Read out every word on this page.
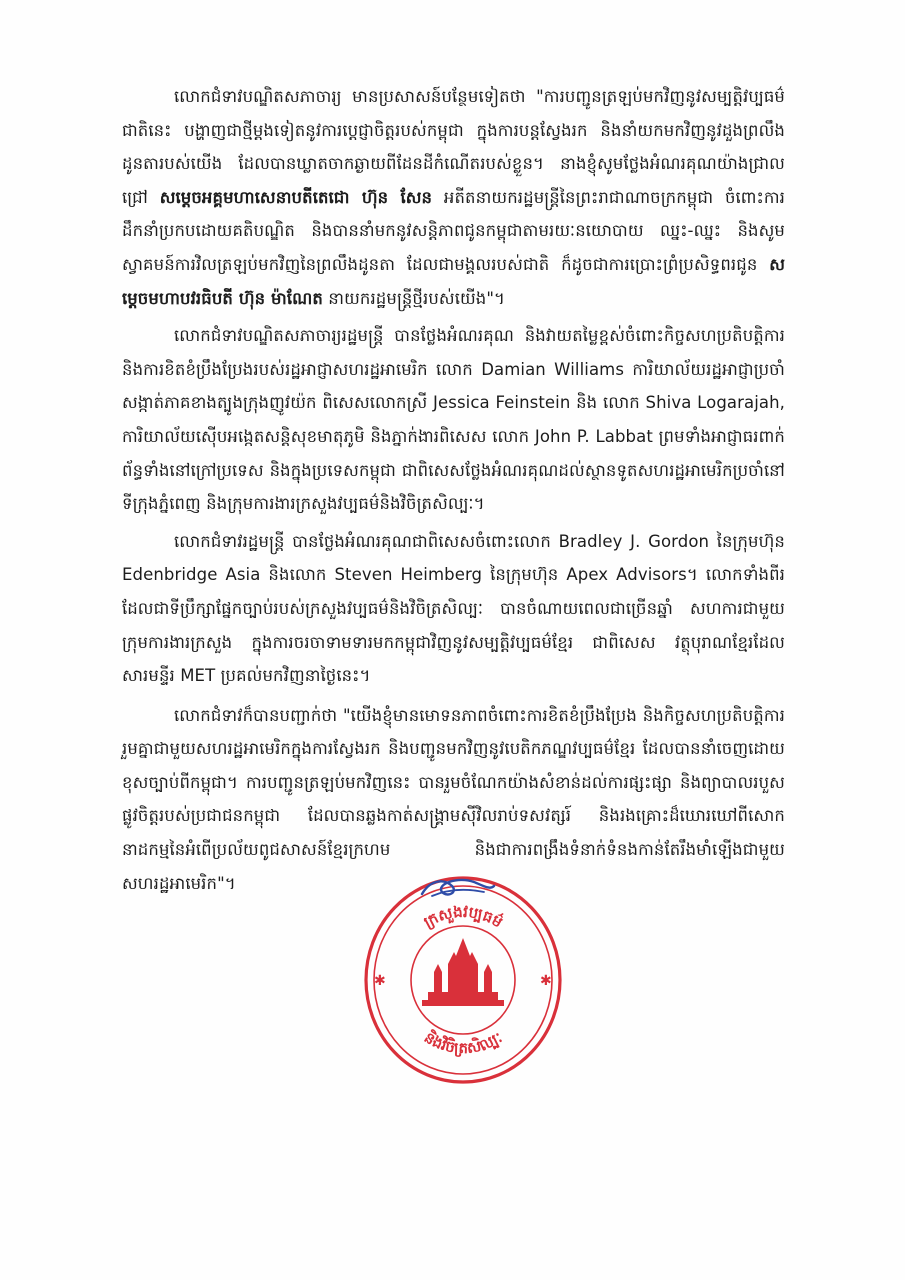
លោកជំទាវបណ្ឌិតសភាចារ្យ មានប្រសាសន៍បន្ថែមទៀតថា "ការបញ្ជូនត្រឡប់មកវិញនូវសម្បត្តិវប្បធម៌ជាតិនេះ បង្ហាញជាថ្មីម្តងទៀតនូវការប្តេជ្ញាចិត្តរបស់កម្ពុជា ក្នុងការបន្តស្វែងរក និងនាំយកមកវិញនូវដួងព្រលឹងដូនតារបស់យើង ដែលបានឃ្លាតចាកឆ្ងាយពីដែនដីកំណើតរបស់ខ្លួន។ នាងខ្ញុំសូមថ្លែងអំណរគុណយ៉ាងជ្រាលជ្រៅ សម្តេចអគ្គមហាសេនាបតីតេជោ ហ៊ុន សែន អតីតនាយករដ្ឋមន្ត្រីនៃព្រះរាជាណាចក្រកម្ពុជា ចំពោះការដឹកនាំប្រកបដោយគតិបណ្ឌិត និងបាននាំមកនូវសន្តិភាពជូនកម្ពុជាតាមរយៈនយោបាយ ឈ្នះ-ឈ្នះ និងសូមស្វាគមន៍ការវិលត្រឡប់មកវិញនៃព្រលឹងដូនតា ដែលជាមង្គលរបស់ជាតិ ក៏ដូចជាការប្រោះព្រំប្រសិទ្ធពរជូន សម្តេចមហាបវរធិបតី ហ៊ុន ម៉ាណែត នាយករដ្ឋមន្ត្រីថ្មីរបស់យើង"។

លោកជំទាវបណ្ឌិតសភាចារ្យរដ្ឋមន្ត្រី បានថ្លែងអំណរគុណ និងវាយតម្លៃខ្ពស់ចំពោះកិច្ចសហប្រតិបត្តិការ និងការខិតខំប្រឹងប្រែងរបស់រដ្ឋអាជ្ញាសហរដ្ឋអាមេរិក លោក Damian Williams ការិយាល័យរដ្ឋអាជ្ញាប្រចាំសង្កាត់ភាគខាងត្បូងក្រុងញូវយ៉ក ពិសេសលោកស្រី Jessica Feinstein និង លោក Shiva Logarajah, ការិយាល័យស៊ើបអង្កេតសន្តិសុខមាតុភូមិ និងភ្នាក់ងារពិសេស លោក John P. Labbat ព្រមទាំងអាជ្ញាធរពាក់ព័ន្ធទាំងនៅក្រៅប្រទេស និងក្នុងប្រទេសកម្ពុជា ជាពិសេសថ្លែងអំណរគុណដល់ស្ថានទូតសហរដ្ឋអាមេរិកប្រចាំនៅទីក្រុងភ្នំពេញ និងក្រុមការងារក្រសួងវប្បធម៌និងវិចិត្រសិល្បៈ។

លោកជំទាវរដ្ឋមន្ត្រី បានថ្លែងអំណរគុណជាពិសេសចំពោះលោក Bradley J. Gordon នៃក្រុមហ៊ុន Edenbridge Asia និងលោក Steven Heimberg នៃក្រុមហ៊ុន Apex Advisors។ លោកទាំងពីរ ដែលជាទីប្រឹក្សាផ្នែកច្បាប់របស់ក្រសួងវប្បធម៌និងវិចិត្រសិល្បៈ បានចំណាយពេលជាច្រើនឆ្នាំ សហការជាមួយក្រុមការងារក្រសួង ក្នុងការចរចាទាមទារមកកម្ពុជាវិញនូវសម្បត្តិវប្បធម៌ខ្មែរ ជាពិសេស វត្ថុបុរាណខ្មែរដែលសារមន្ទីរ MET ប្រគល់មកវិញនាថ្ងៃនេះ។

លោកជំទាវក៏បានបញ្ជាក់ថា "យើងខ្ញុំមានមោទនភាពចំពោះការខិតខំប្រឹងប្រែង និងកិច្ចសហប្រតិបត្តិការរួមគ្នាជាមួយសហរដ្ឋអាមេរិកក្នុងការស្វែងរក និងបញ្ជូនមកវិញនូវបេតិកភណ្ឌវប្បធម៌ខ្មែរ ដែលបាននាំចេញដោយខុសច្បាប់ពីកម្ពុជា។ ការបញ្ជូនត្រឡប់មកវិញនេះ បានរួមចំណែកយ៉ាងសំខាន់ដល់ការផ្សះផ្សា និងព្យាបាលរបួសផ្លូវចិត្តរបស់ប្រជាជនកម្ពុជា ដែលបានឆ្លងកាត់សង្គ្រាមស៊ីវិលរាប់ទសវត្សរ៍ និងរងគ្រោះដ៏ឃោរឃៅពីសោកនាដកម្មនៃអំពើប្រល័យពូជសាសន៍ខ្មែរក្រហម និងជាការពង្រឹងទំនាក់ទំនងកាន់តែរឹងមាំឡើងជាមួយសហរដ្ឋអាមេរិក"។

ក្រសួងវប្បធម៌
និងវិចិត្រសិល្បៈ
✱	✱
